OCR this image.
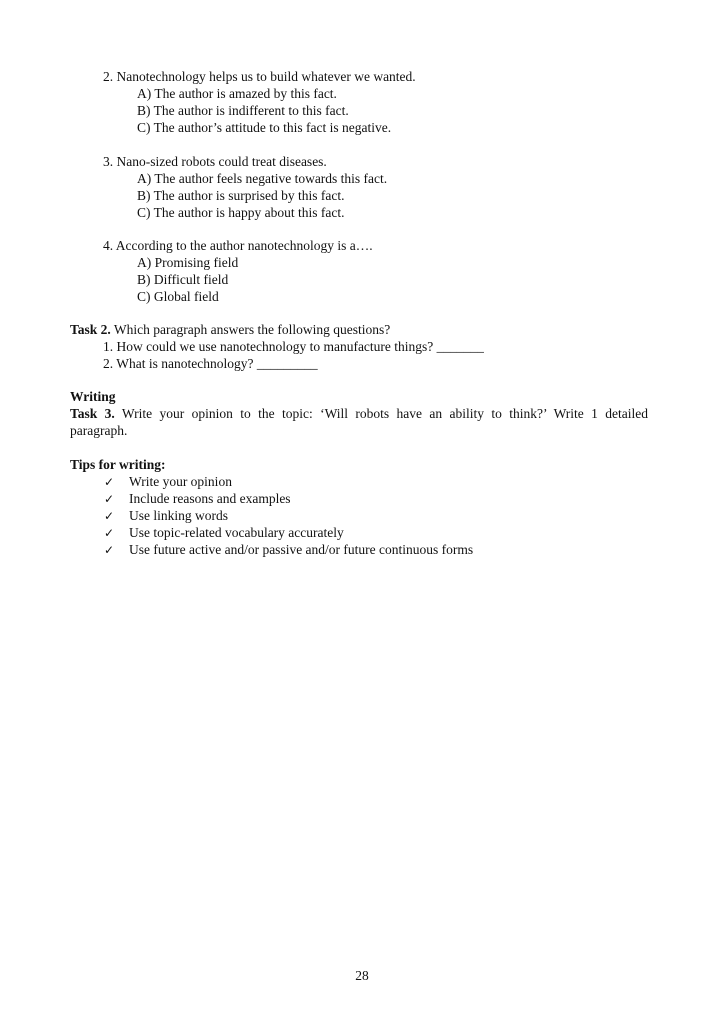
2. Nanotechnology helps us to build whatever we wanted.
A) The author is amazed by this fact.
B) The author is indifferent to this fact.
C) The author’s attitude to this fact is negative.
3. Nano-sized robots could treat diseases.
A) The author feels negative towards this fact.
B) The author is surprised by this fact.
C) The author is happy about this fact.
4. According to the author nanotechnology is a….
A) Promising field
B) Difficult field
C) Global field
Task 2. Which paragraph answers the following questions?
1. How could we use nanotechnology to manufacture things? _______
2. What is nanotechnology? _________
Writing
Task 3. Write your opinion to the topic: ‘Will robots have an ability to think?’ Write 1 detailed
paragraph.
Tips for writing:
✓ Write your opinion
✓ Include reasons and examples
✓ Use linking words
✓ Use topic-related vocabulary accurately
✓ Use future active and/or passive and/or future continuous forms
28
